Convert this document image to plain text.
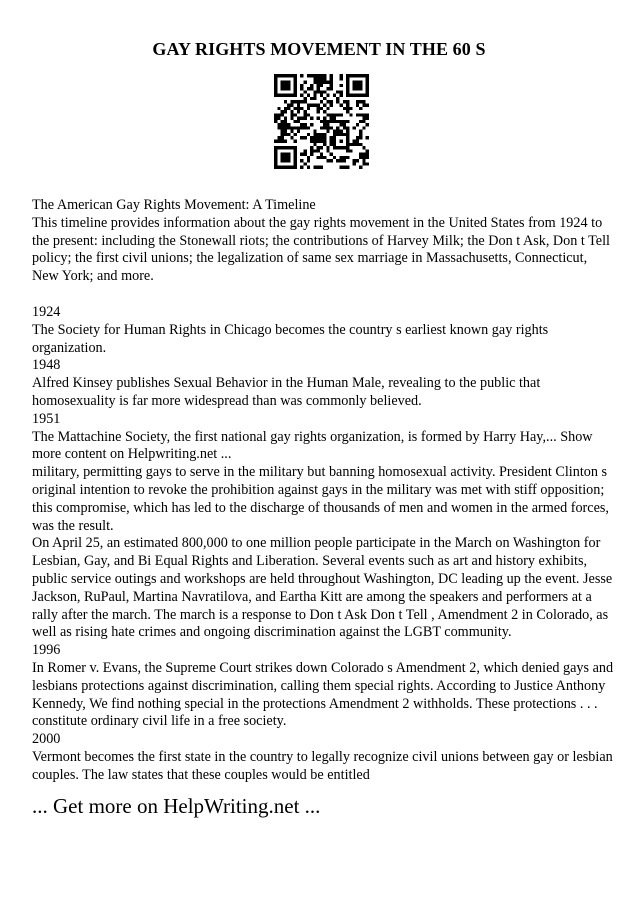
GAY RIGHTS MOVEMENT IN THE 60 S

The American Gay Rights Movement: A Timeline

This timeline provides information about the gay rights movement in the United States from 1924 to the present: including the Stonewall riots; the contributions of Harvey Milk; the Don t Ask, Don t Tell policy; the first civil unions; the legalization of same sex marriage in Massachusetts, Connecticut, New York; and more.

1924

The Society for Human Rights in Chicago becomes the country s earliest known gay rights organization.

1948

Alfred Kinsey publishes Sexual Behavior in the Human Male, revealing to the public that homosexuality is far more widespread than was commonly believed.

1951

The Mattachine Society, the first national gay rights organization, is formed by Harry Hay,... Show more content on Helpwriting.net ...

military, permitting gays to serve in the military but banning homosexual activity. President Clinton s original intention to revoke the prohibition against gays in the military was met with stiff opposition; this compromise, which has led to the discharge of thousands of men and women in the armed forces, was the result.

On April 25, an estimated 800,000 to one million people participate in the March on Washington for Lesbian, Gay, and Bi Equal Rights and Liberation. Several events such as art and history exhibits, public service outings and workshops are held throughout Washington, DC leading up the event. Jesse Jackson, RuPaul, Martina Navratilova, and Eartha Kitt are among the speakers and performers at a rally after the march. The march is a response to Don t Ask Don t Tell , Amendment 2 in Colorado, as well as rising hate crimes and ongoing discrimination against the LGBT community.

1996

In Romer v. Evans, the Supreme Court strikes down Colorado s Amendment 2, which denied gays and lesbians protections against discrimination, calling them special rights. According to Justice Anthony Kennedy, We find nothing special in the protections Amendment 2 withholds. These protections . . . constitute ordinary civil life in a free society.

2000

Vermont becomes the first state in the country to legally recognize civil unions between gay or lesbian couples. The law states that these couples would be entitled

... Get more on HelpWriting.net ...
